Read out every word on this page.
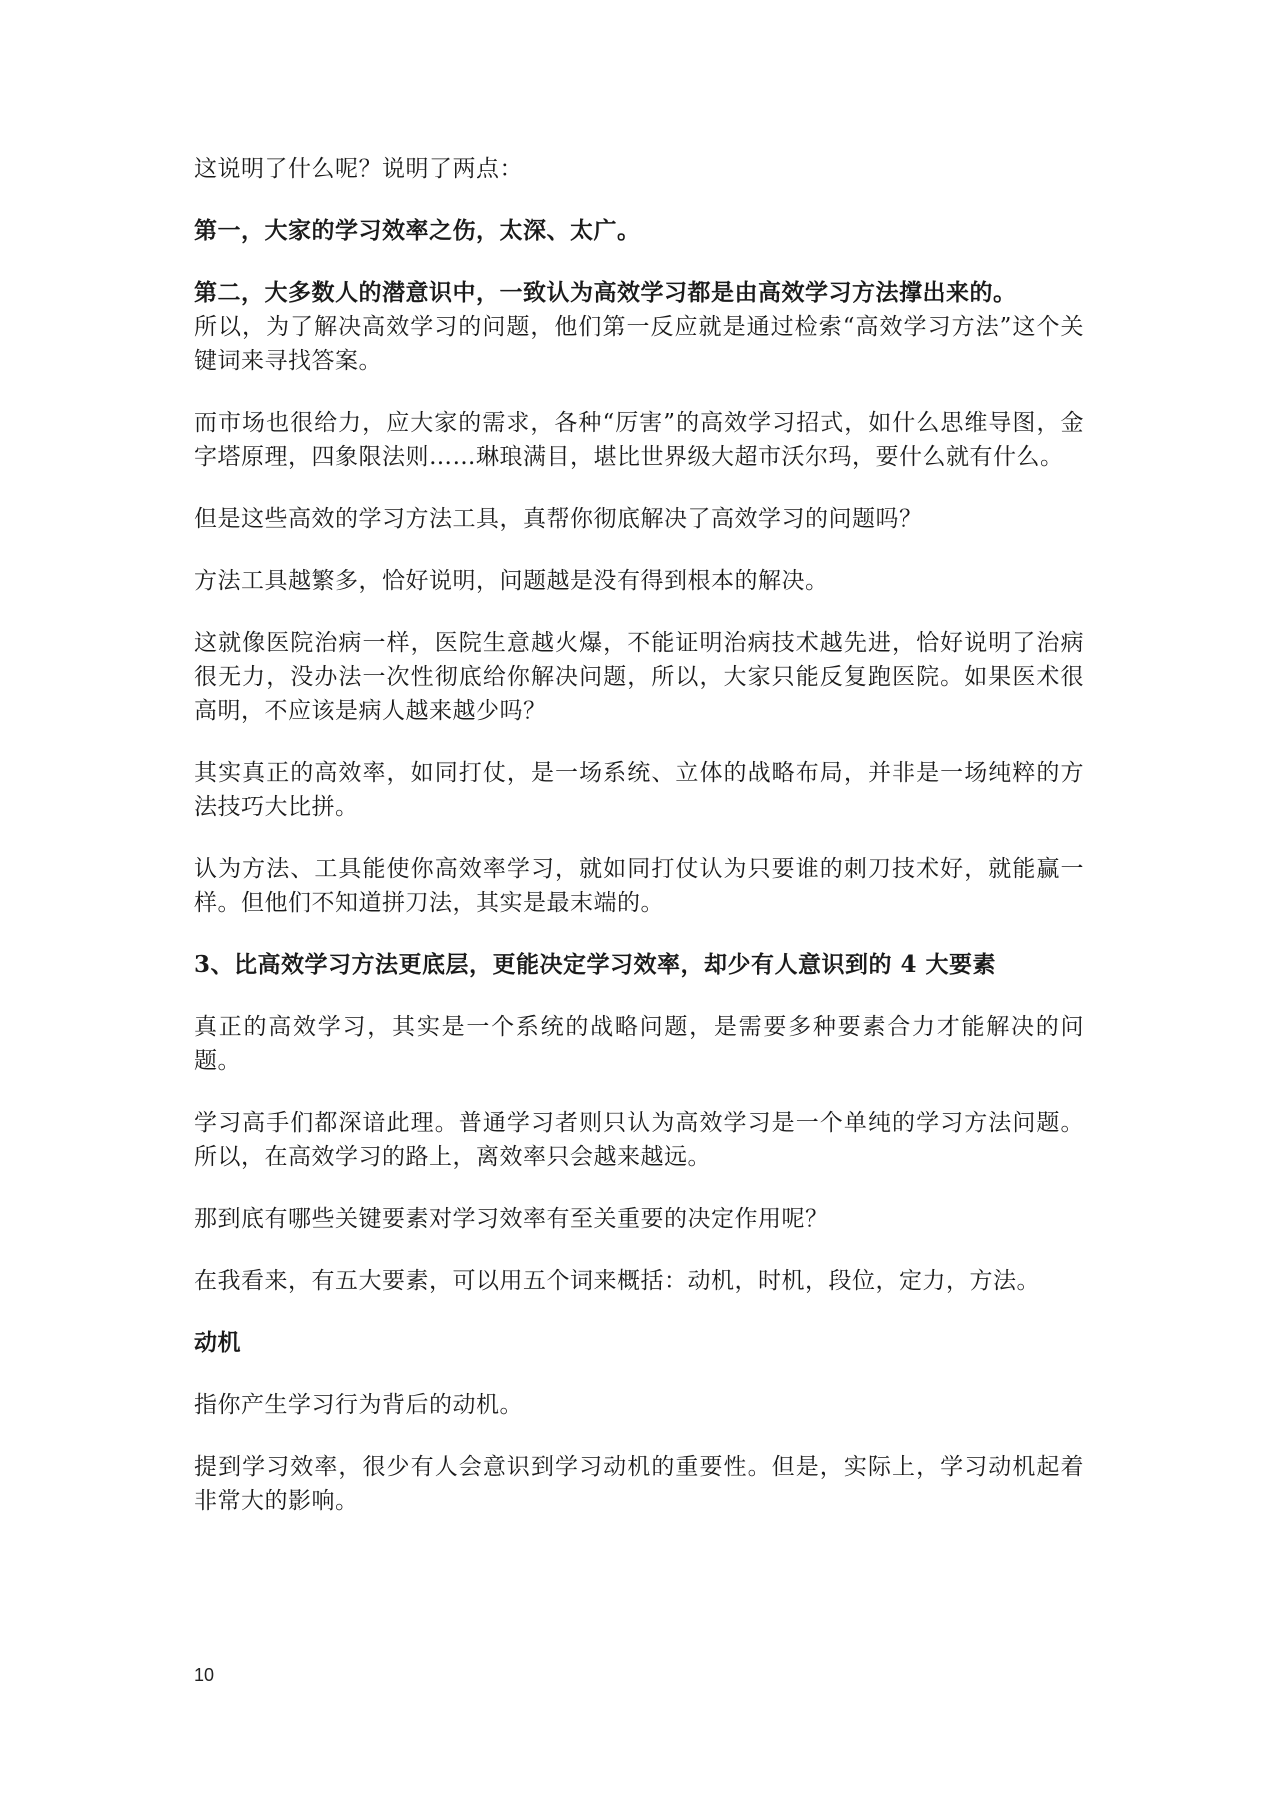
这说明了什么呢？说明了两点：

第一，大家的学习效率之伤，太深、太广。

第二，大多数人的潜意识中，一致认为高效学习都是由高效学习方法撑出来的。

所以，为了解决高效学习的问题，他们第一反应就是通过检索“高效学习方法”这个关键词来寻找答案。

而市场也很给力，应大家的需求，各种“厉害”的高效学习招式，如什么思维导图，金字塔原理，四象限法则……琳琅满目，堪比世界级大超市沃尔玛，要什么就有什么。

但是这些高效的学习方法工具，真帮你彻底解决了高效学习的问题吗？

方法工具越繁多，恰好说明，问题越是没有得到根本的解决。

这就像医院治病一样，医院生意越火爆，不能证明治病技术越先进，恰好说明了治病很无力，没办法一次性彻底给你解决问题，所以，大家只能反复跑医院。如果医术很高明，不应该是病人越来越少吗？

其实真正的高效率，如同打仗，是一场系统、立体的战略布局，并非是一场纯粹的方法技巧大比拼。

认为方法、工具能使你高效率学习，就如同打仗认为只要谁的刺刀技术好，就能赢一样。但他们不知道拼刀法，其实是最末端的。

3、比高效学习方法更底层，更能决定学习效率，却少有人意识到的 4 大要素

真正的高效学习，其实是一个系统的战略问题，是需要多种要素合力才能解决的问题。

学习高手们都深谙此理。普通学习者则只认为高效学习是一个单纯的学习方法问题。所以，在高效学习的路上，离效率只会越来越远。

那到底有哪些关键要素对学习效率有至关重要的决定作用呢？

在我看来，有五大要素，可以用五个词来概括：动机，时机，段位，定力，方法。

动机

指你产生学习行为背后的动机。

提到学习效率，很少有人会意识到学习动机的重要性。但是，实际上，学习动机起着非常大的影响。

10
